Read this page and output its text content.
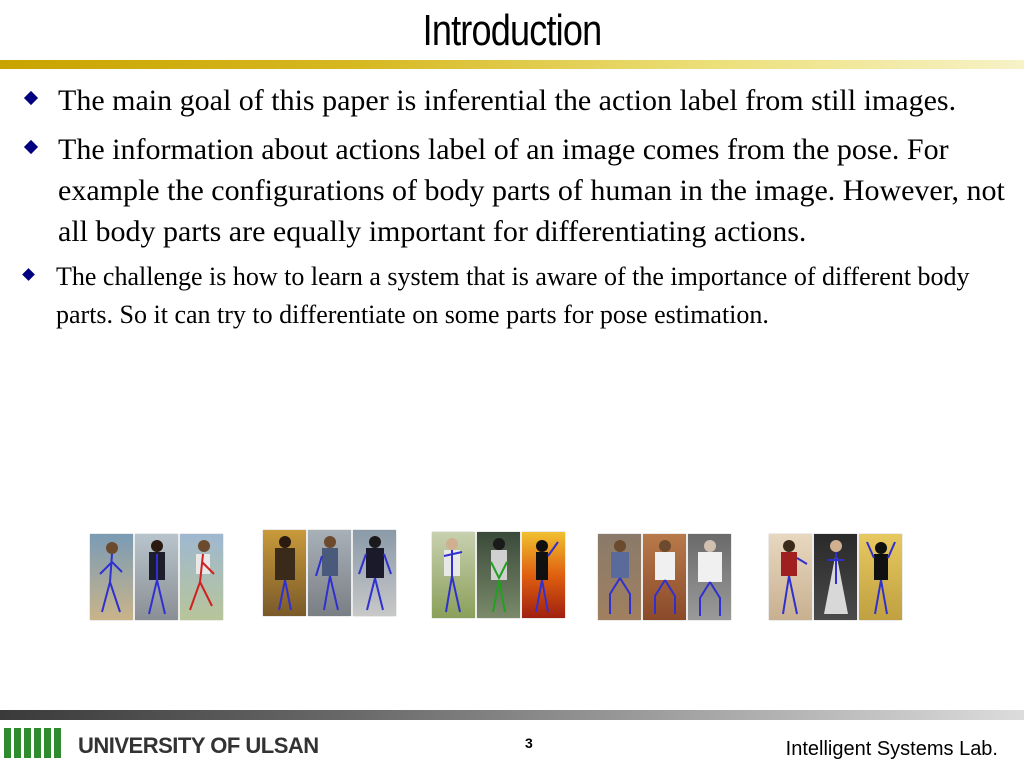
Introduction
The main goal of this paper is inferential the action label from still images.
The information about actions label of an image comes from the pose. For example the configurations of body parts of human in the image. However, not all body parts are equally important for differentiating actions.
The challenge is how to learn a system that is aware of the importance of different body parts. So it can try to differentiate on some parts for pose estimation.
UNIVERSITY OF ULSAN	3	Intelligent Systems Lab.
